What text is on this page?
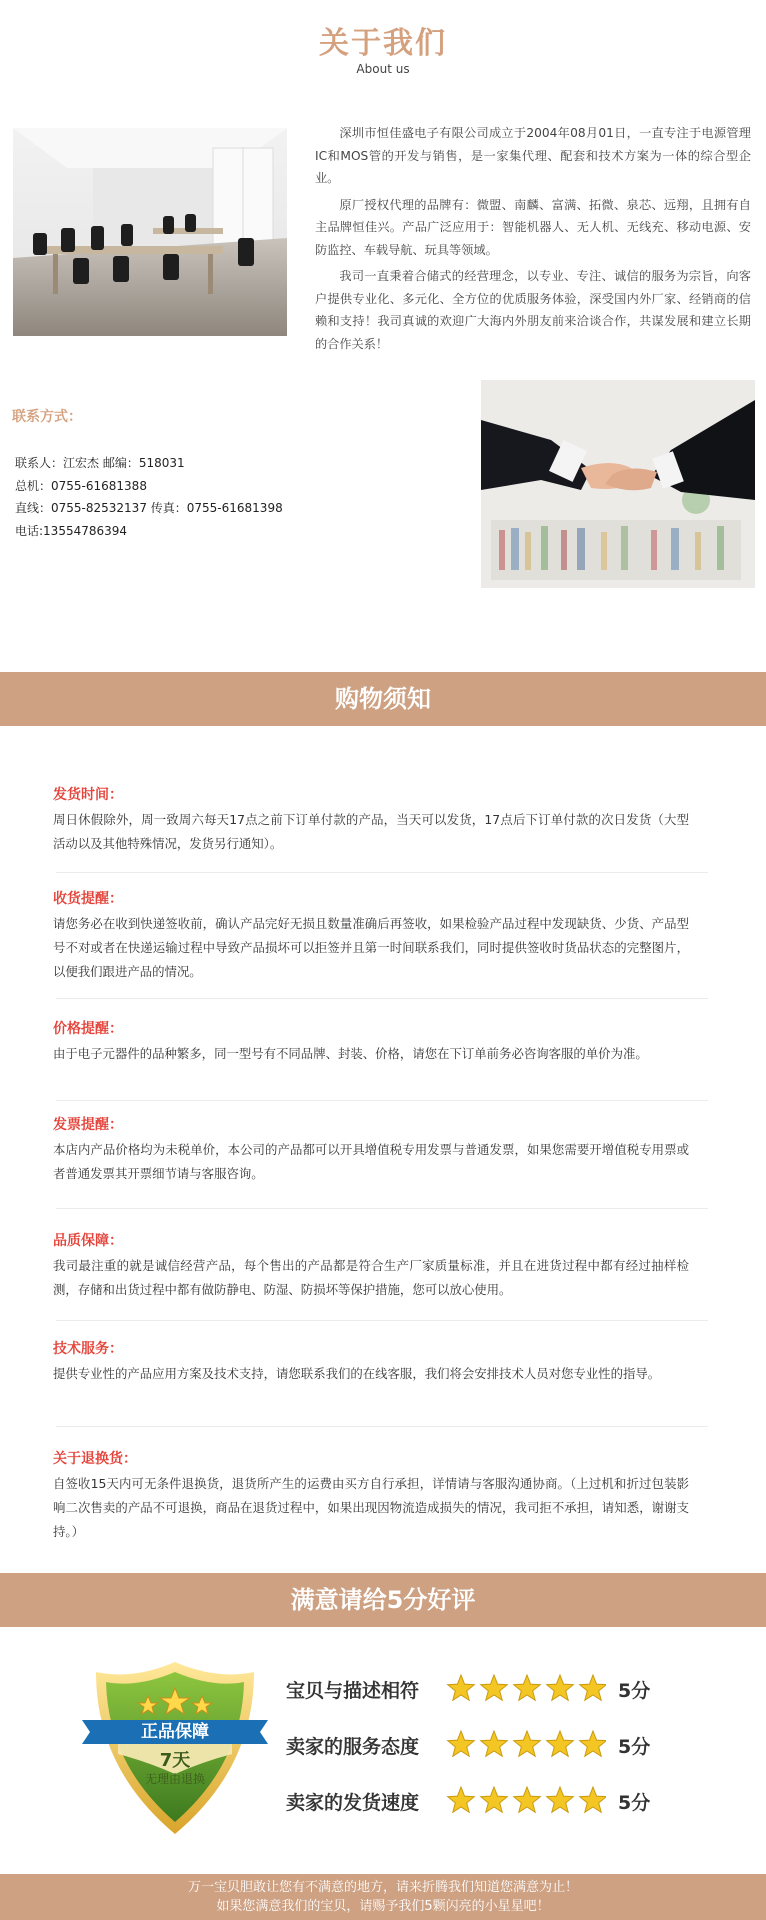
关于我们
About us

深圳市恒佳盛电子有限公司成立于2004年08月01日，一直专注于电源管理IC和MOS管的开发与销售，是一家集代理、配套和技术方案为一体的综合型企业。

原厂授权代理的品牌有：微盟、南麟、富满、拓微、泉芯、远翔，且拥有自主品牌恒佳兴。产品广泛应用于：智能机器人、无人机、无线充、移动电源、安防监控、车载导航、玩具等领域。

我司一直秉着合储式的经营理念，以专业、专注、诚信的服务为宗旨，向客户提供专业化、多元化、全方位的优质服务体验，深受国内外厂家、经销商的信赖和支持！我司真诚的欢迎广大海内外朋友前来洽谈合作，共谋发展和建立长期的合作关系！

联系方式：
联系人：江宏杰 邮编：518031
总机：0755-61681388
直线：0755-82532137 传真：0755-61681398
电话:13554786394
购物须知
发货时间：
周日休假除外，周一致周六每天17点之前下订单付款的产品，当天可以发货，17点后下订单付款的次日发货（大型活动以及其他特殊情况，发货另行通知）。
收货提醒：
请您务必在收到快递签收前，确认产品完好无损且数量准确后再签收，如果检验产品过程中发现缺货、少货、产品型号不对或者在快递运输过程中导致产品损坏可以拒签并且第一时间联系我们，同时提供签收时货品状态的完整图片，以便我们跟进产品的情况。
价格提醒：
由于电子元器件的品种繁多，同一型号有不同品牌、封装、价格，请您在下订单前务必咨询客服的单价为准。
发票提醒：
本店内产品价格均为未税单价，本公司的产品都可以开具增值税专用发票与普通发票，如果您需要开增值税专用票或者普通发票其开票细节请与客服咨询。
品质保障：
我司最注重的就是诚信经营产品，每个售出的产品都是符合生产厂家质量标准，并且在进货过程中都有经过抽样检测，存储和出货过程中都有做防静电、防湿、防损坏等保护措施，您可以放心使用。
技术服务：
提供专业性的产品应用方案及技术支持，请您联系我们的在线客服，我们将会安排技术人员对您专业性的指导。
关于退换货：
自签收15天内可无条件退换货，退货所产生的运费由买方自行承担，详情请与客服沟通协商。（上过机和折过包装影响二次售卖的产品不可退换，商品在退货过程中，如果出现因物流造成损失的情况，我司拒不承担，请知悉，谢谢支持。）
满意请给5分好评
正品保障
7天
无理由退换
宝贝与描述相符	5分
卖家的服务态度	5分
卖家的发货速度	5分
万一宝贝胆敢让您有不满意的地方，请来折腾我们知道您满意为止！
如果您满意我们的宝贝，请赐予我们5颗闪亮的小星星吧！
